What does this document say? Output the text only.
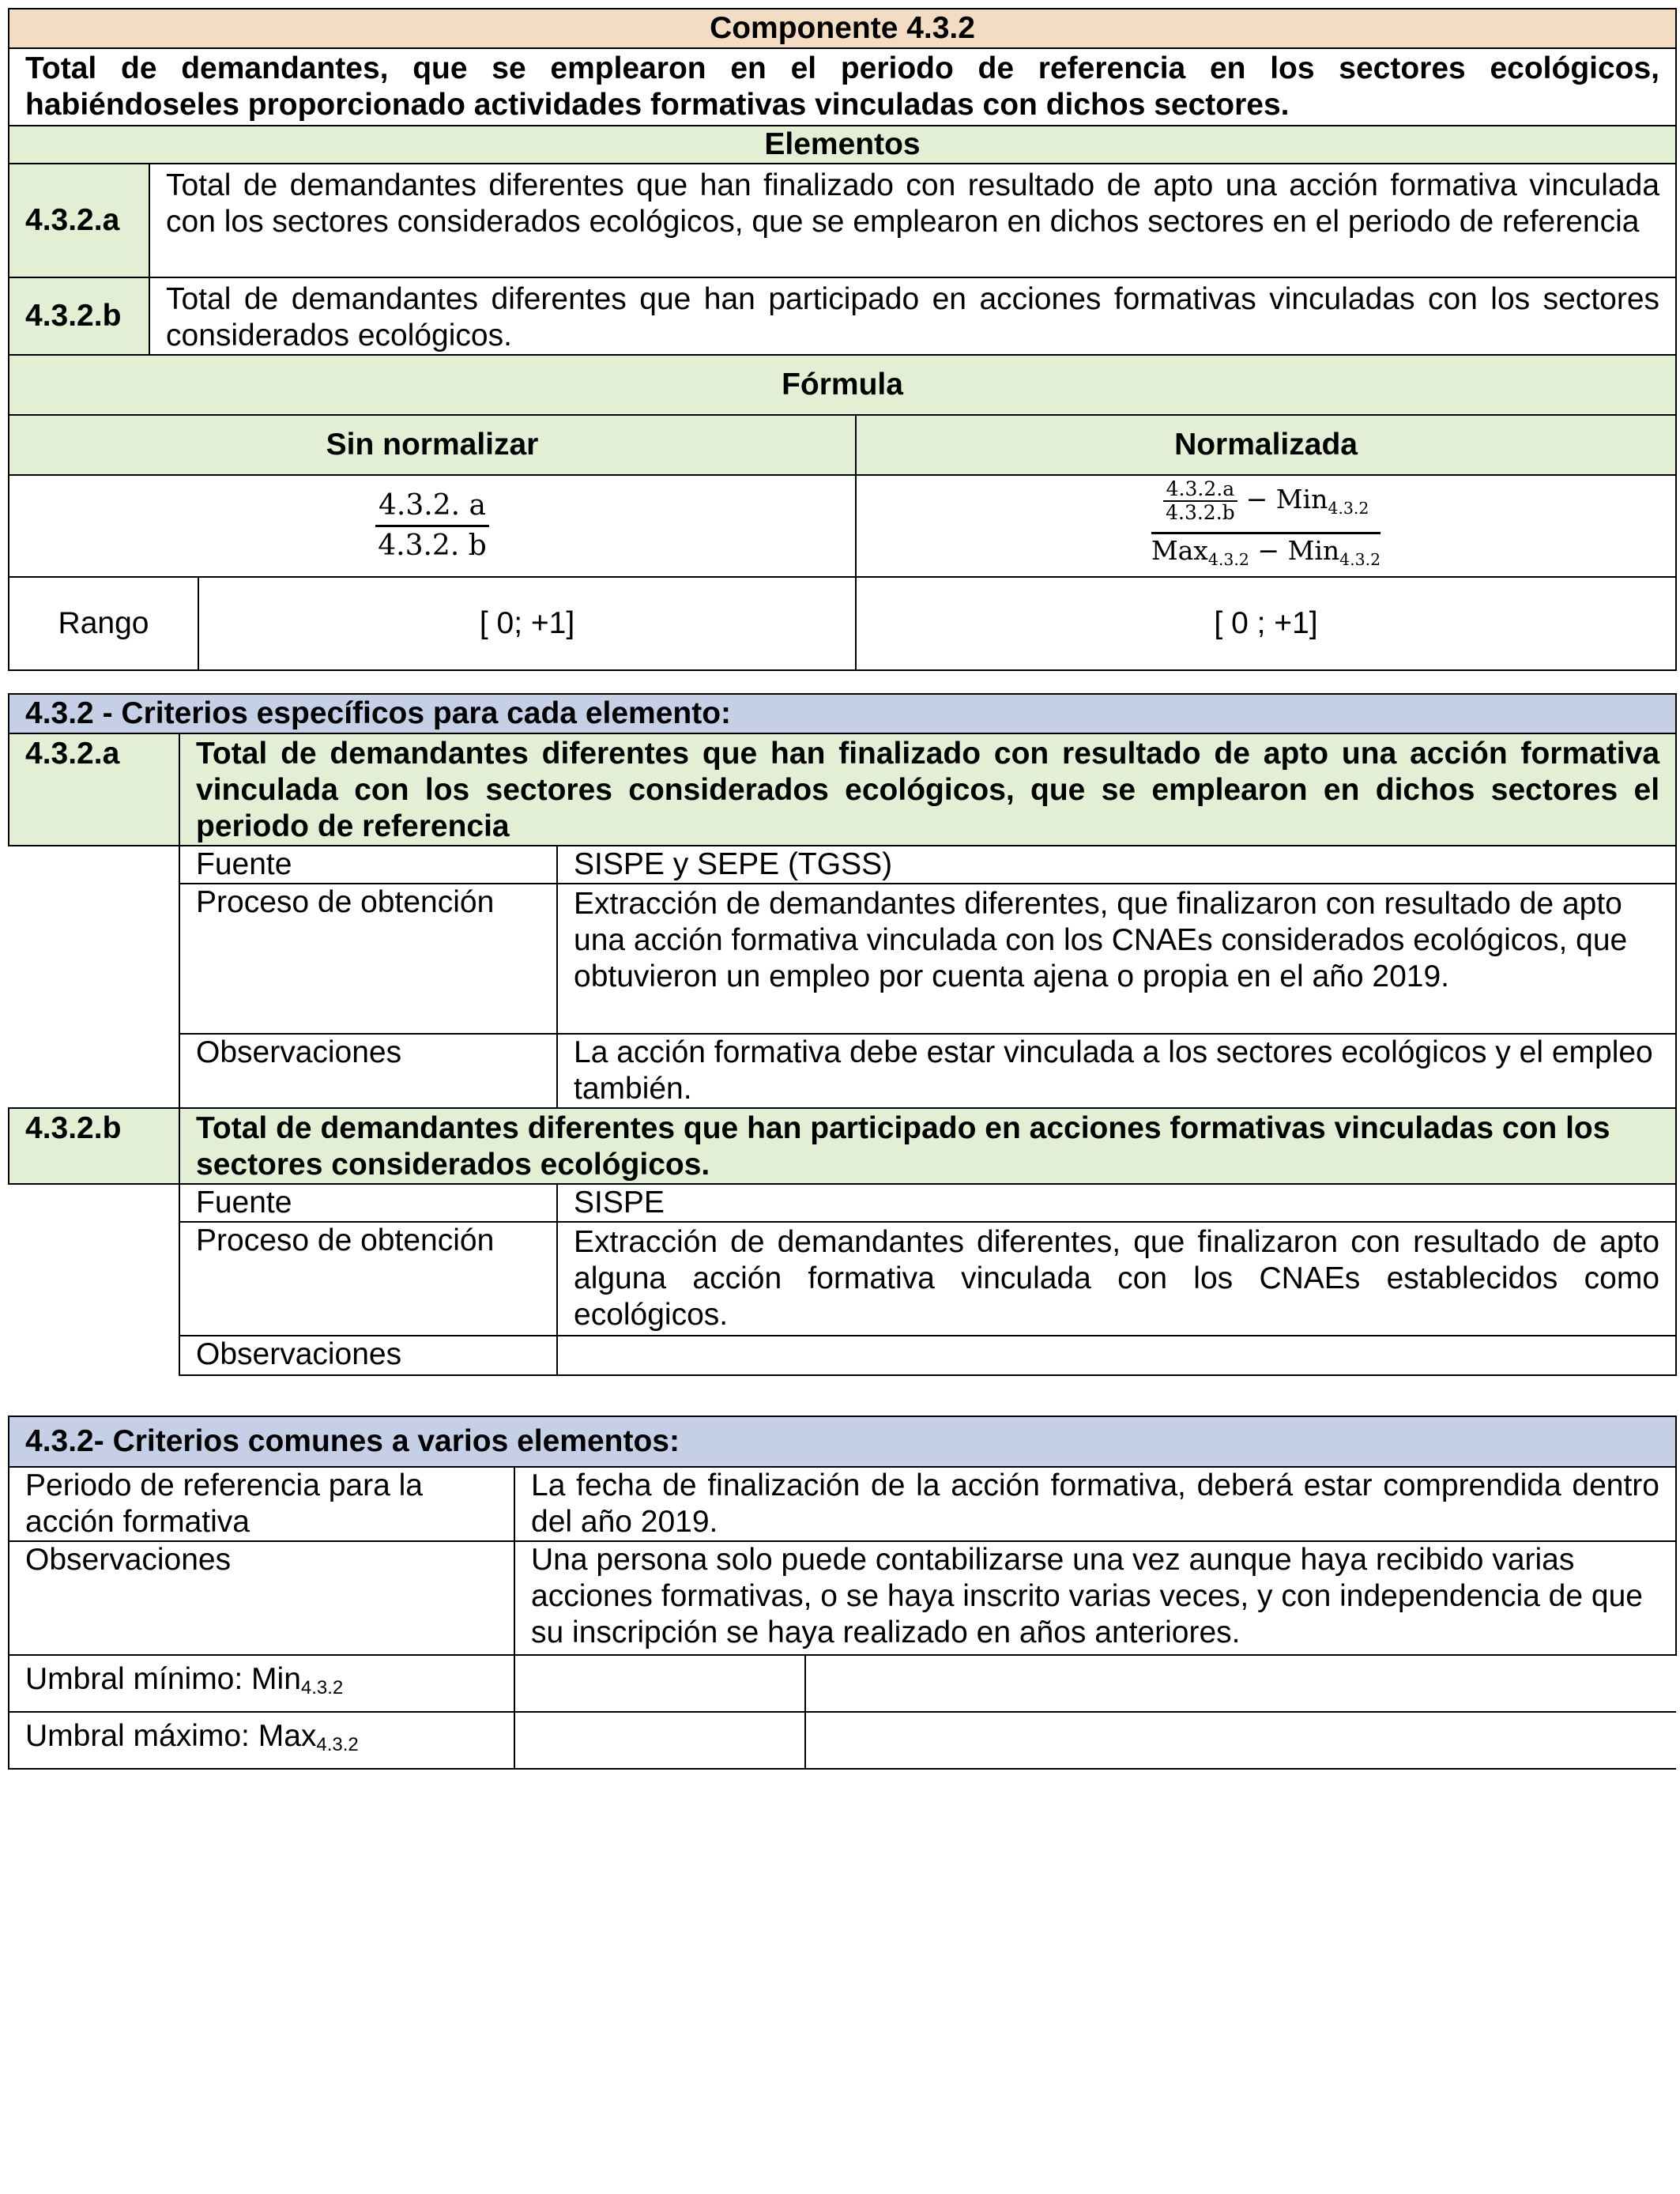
Componente 4.3.2			
Total de demandantes, que se emplearon en el periodo de referencia en los sectores ecológicos, habiéndoseles proporcionado actividades formativas vinculadas con dichos sectores.			
Elementos			
4.3.2.a	Total de demandantes diferentes que han finalizado con resultado de apto una acción formativa vinculada con los sectores considerados ecológicos, que se emplearon en dichos sectores en el periodo de referencia		
4.3.2.b	Total de demandantes diferentes que han participado en acciones formativas vinculadas con los sectores considerados ecológicos.		
Fórmula			
Sin normalizar			Normalizada

$\frac{4.3.2. a}{4.3.2. b}$			$\frac{4.3.2.a}{4.3.2.b} - Min_{4.3.2}$
Max$_{4.3.2}$ − Min$_{4.3.2}$

Rango		[ 0; +1]	[ 0 ; +1]
4.3.2 - Criterios específicos para cada elemento:		
4.3.2.a	Total de demandantes diferentes que han finalizado con resultado de apto una acción formativa vinculada con los sectores considerados ecológicos, que se emplearon en dichos sectores el periodo de referencia	
	Fuente	SISPE y SEPE (TGSS)
	Proceso de obtención	Extracción de demandantes diferentes, que finalizaron con resultado de apto una acción formativa vinculada con los CNAEs considerados ecológicos, que obtuvieron un empleo por cuenta ajena o propia en el año 2019.
	Observaciones	La acción formativa debe estar vinculada a los sectores ecológicos y el empleo también.
4.3.2.b	Total de demandantes diferentes que han participado en acciones formativas vinculadas con los sectores considerados ecológicos.	
	Fuente	SISPE
	Proceso de obtención	Extracción de demandantes diferentes, que finalizaron con resultado de apto alguna acción formativa vinculada con los CNAEs establecidos como ecológicos.
	Observaciones	
4.3.2- Criterios comunes a varios elementos:		
Periodo de referencia para la acción formativa	La fecha de finalización de la acción formativa, deberá estar comprendida dentro del año 2019.	
Observaciones	Una persona solo puede contabilizarse una vez aunque haya recibido varias acciones formativas, o se haya inscrito varias veces, y con independencia de que su inscripción se haya realizado en años anteriores.	
Umbral mínimo: Min4.3.2		
Umbral máximo: Max4.3.2		
